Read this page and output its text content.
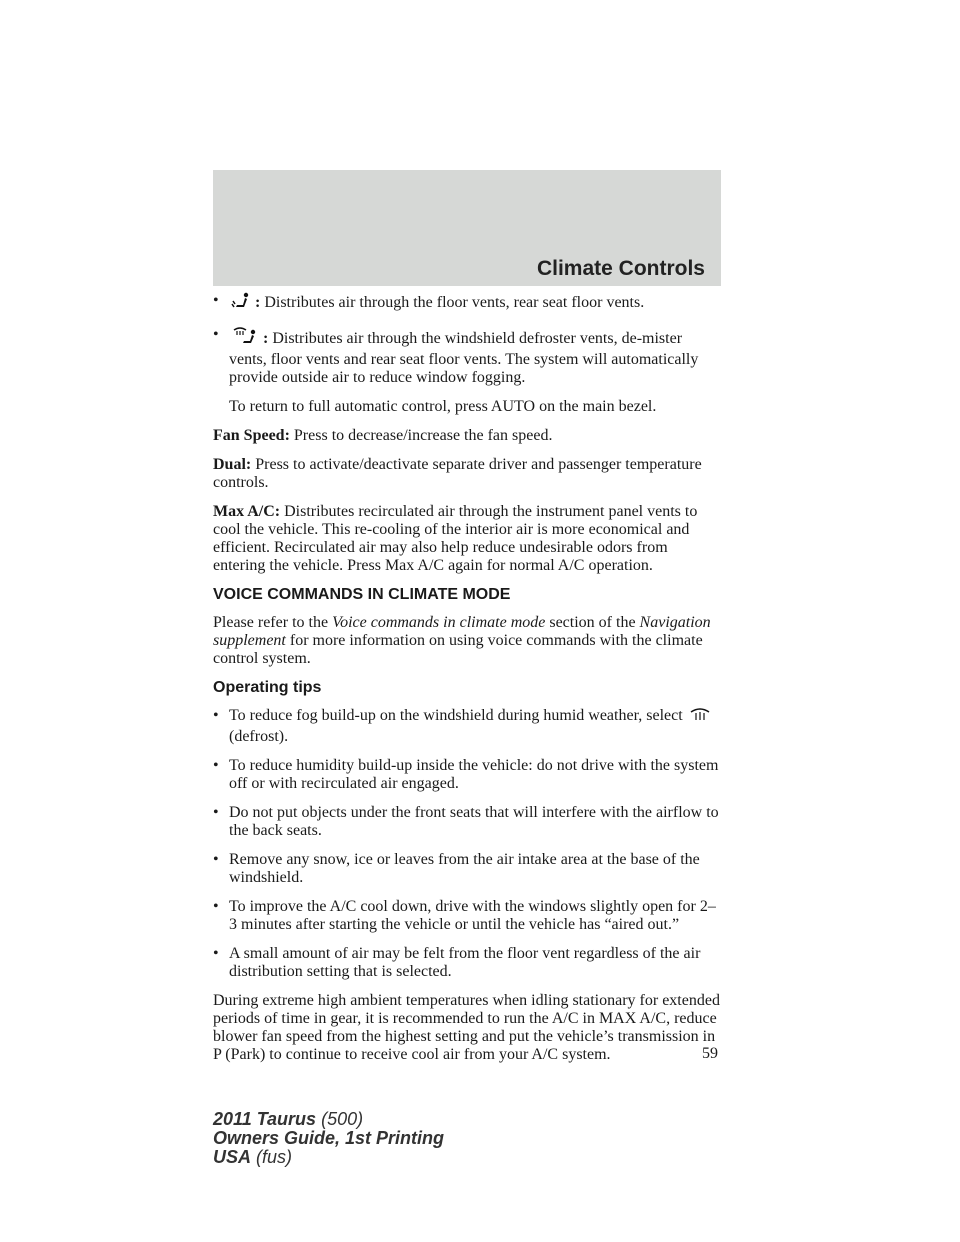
Climate Controls
• : Distributes air through the floor vents, rear seat floor vents.
•	: Distributes air through the windshield defroster vents, de-mister vents, floor vents and rear seat floor vents. The system will automatically provide outside air to reduce window fogging.

To return to full automatic control, press AUTO on the main bezel.

Fan Speed: Press to decrease/increase the fan speed.

Dual: Press to activate/deactivate separate driver and passenger temperature controls.

Max A/C: Distributes recirculated air through the instrument panel vents to cool the vehicle. This re-cooling of the interior air is more economical and efficient. Recirculated air may also help reduce undesirable odors from entering the vehicle. Press Max A/C again for normal A/C operation.

VOICE COMMANDS IN CLIMATE MODE

Please refer to the Voice commands in climate mode section of the Navigation supplement for more information on using voice commands with the climate control system.

Operating tips
• To reduce fog build-up on the windshield during humid weather, select  (defrost).
• To reduce humidity build-up inside the vehicle: do not drive with the system off or with recirculated air engaged.
• Do not put objects under the front seats that will interfere with the airflow to the back seats.
• Remove any snow, ice or leaves from the air intake area at the base of the windshield.
• To improve the A/C cool down, drive with the windows slightly open for 2–3 minutes after starting the vehicle or until the vehicle has “aired out.”
• A small amount of air may be felt from the floor vent regardless of the air distribution setting that is selected.

During extreme high ambient temperatures when idling stationary for extended periods of time in gear, it is recommended to run the A/C in MAX A/C, reduce blower fan speed from the highest setting and put the vehicle’s transmission in P (Park) to continue to receive cool air from your A/C system.	59
2011 Taurus (500)
Owners Guide, 1st Printing
USA (fus)
